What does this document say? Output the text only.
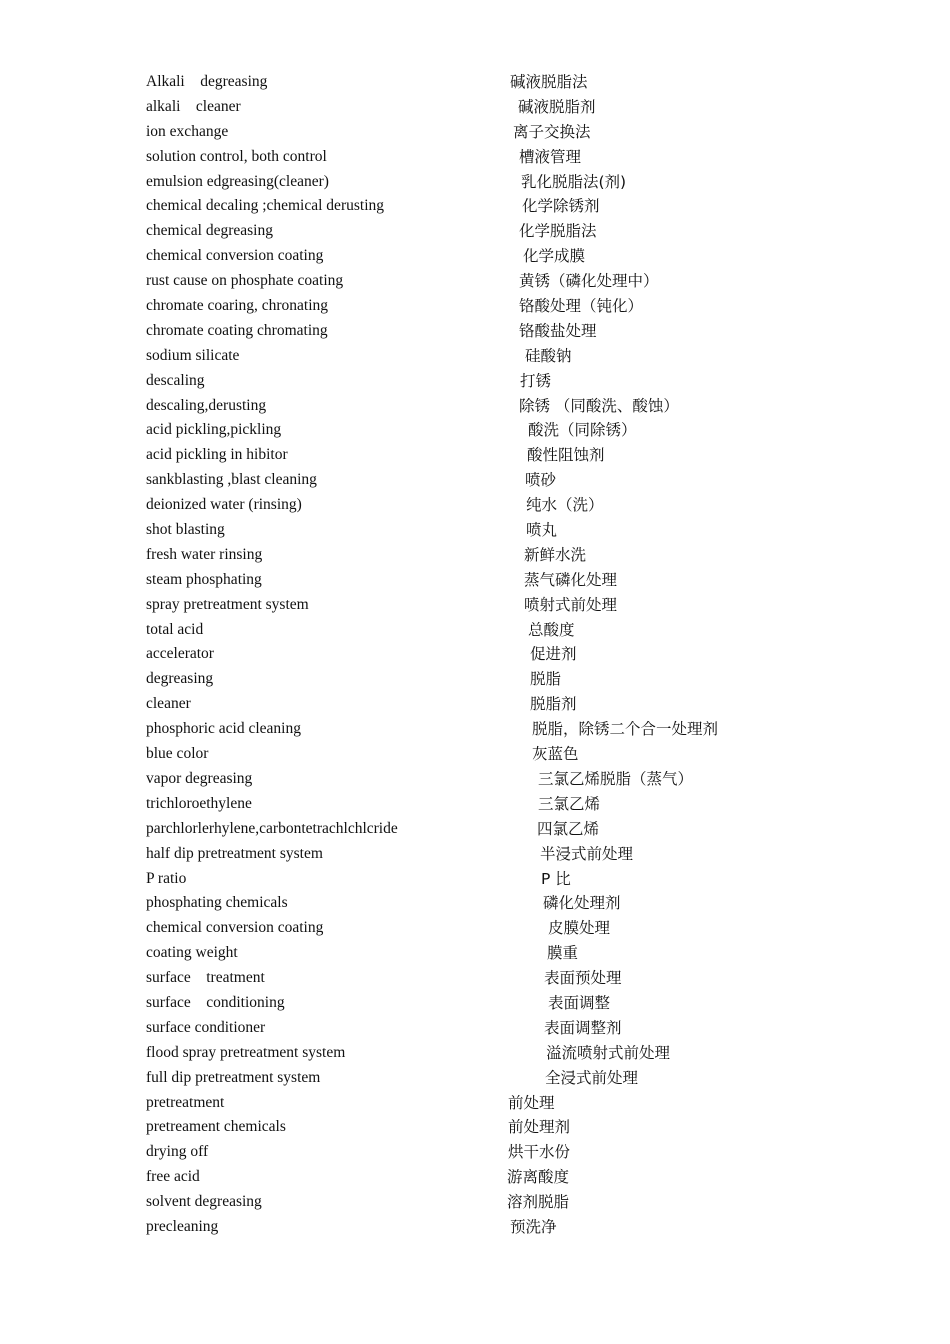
Alkali    degreasing	碱液脱脂法
alkali    cleaner	碱液脱脂剂
ion exchange	离子交换法
solution control, both control	槽液管理
emulsion edgreasing(cleaner)	乳化脱脂法(剂)
chemical decaling ;chemical derusting	化学除锈剂
chemical degreasing	化学脱脂法
chemical conversion coating	化学成膜
rust cause on phosphate coating	黄锈（磷化处理中）
chromate coaring, chronating	铬酸处理（钝化）
chromate coating chromating	铬酸盐处理
sodium silicate	硅酸钠
descaling	打锈
descaling,derusting	除锈 （同酸洗、酸蚀）
acid pickling,pickling	酸洗（同除锈）
acid pickling in hibitor	酸性阻蚀剂
sankblasting ,blast cleaning	喷砂
deionized water (rinsing)	纯水（洗）
shot blasting	喷丸
fresh water rinsing	新鲜水洗
steam phosphating	蒸气磷化处理
spray pretreatment system	喷射式前处理
total acid	总酸度
accelerator	促进剂
degreasing	脱脂
cleaner	脱脂剂
phosphoric acid cleaning	脱脂，除锈二个合一处理剂
blue color	灰蓝色
vapor degreasing	三氯乙烯脱脂（蒸气）
trichloroethylene	三氯乙烯
parchlorlerhylene,carbontetrachlchlcride	四氯乙烯
half dip pretreatment system	半浸式前处理
P ratio	P 比
phosphating chemicals	磷化处理剂
chemical conversion coating	皮膜处理
coating weight	膜重
surface    treatment	表面预处理
surface    conditioning	表面调整
surface conditioner	表面调整剂
flood spray pretreatment system	溢流喷射式前处理
full dip pretreatment system	全浸式前处理
pretreatment	前处理
pretreament chemicals	前处理剂
drying off	烘干水份
free acid	游离酸度
solvent degreasing	溶剂脱脂
precleaning	预洗净
